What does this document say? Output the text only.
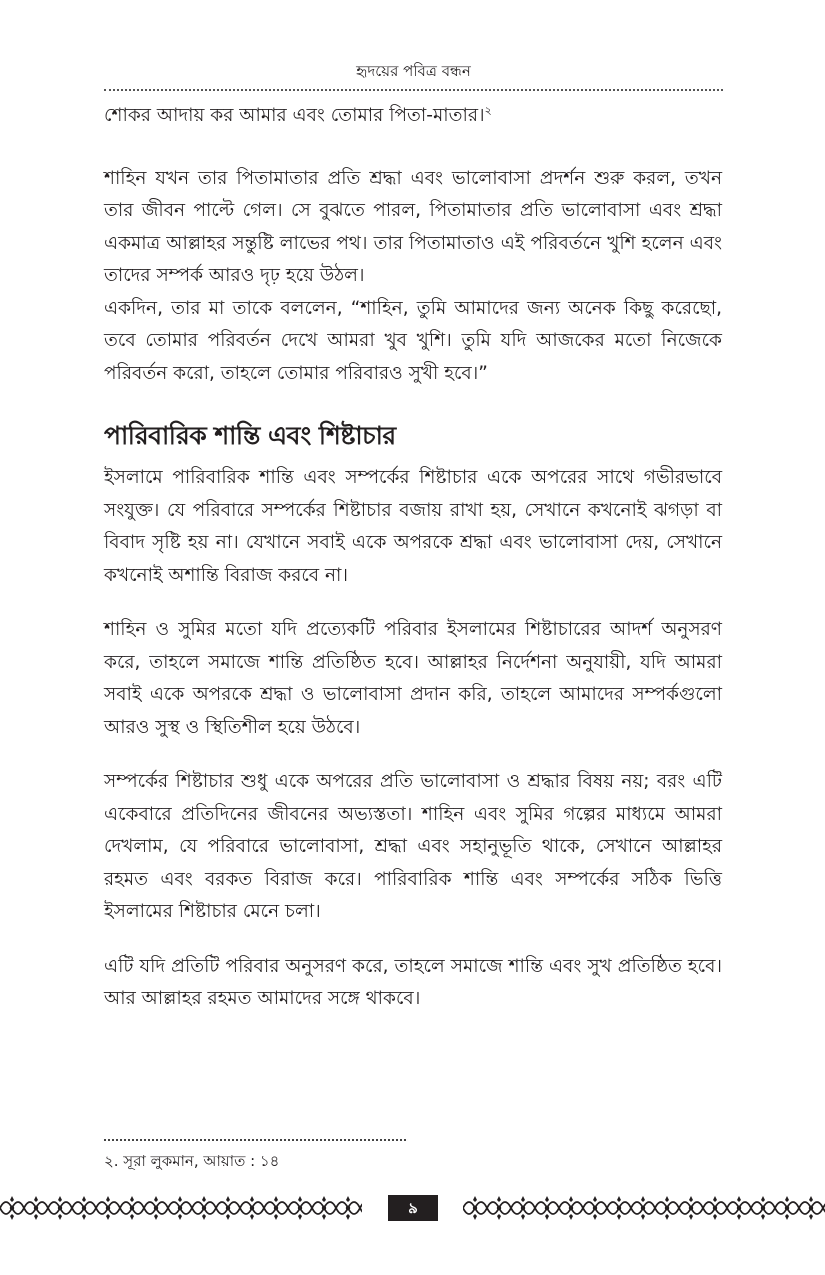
হৃদয়ের পবিত্র বন্ধন

শোকর আদায় কর আমার এবং তোমার পিতা-মাতার।$^২$

শাহিন যখন তার পিতামাতার প্রতি শ্রদ্ধা এবং ভালোবাসা প্রদর্শন শুরু করল, তখন তার জীবন পাল্টে গেল। সে বুঝতে পারল, পিতামাতার প্রতি ভালোবাসা এবং শ্রদ্ধা একমাত্র আল্লাহর সন্তুষ্টি লাভের পথ। তার পিতামাতাও এই পরিবর্তনে খুশি হলেন এবং তাদের সম্পর্ক আরও দৃঢ় হয়ে উঠল।

একদিন, তার মা তাকে বললেন, “শাহিন, তুমি আমাদের জন্য অনেক কিছু করেছো, তবে তোমার পরিবর্তন দেখে আমরা খুব খুশি। তুমি যদি আজকের মতো নিজেকে পরিবর্তন করো, তাহলে তোমার পরিবারও সুখী হবে।”

পারিবারিক শান্তি এবং শিষ্টাচার

ইসলামে পারিবারিক শান্তি এবং সম্পর্কের শিষ্টাচার একে অপরের সাথে গভীরভাবে সংযুক্ত। যে পরিবারে সম্পর্কের শিষ্টাচার বজায় রাখা হয়, সেখানে কখনোই ঝগড়া বা বিবাদ সৃষ্টি হয় না। যেখানে সবাই একে অপরকে শ্রদ্ধা এবং ভালোবাসা দেয়, সেখানে কখনোই অশান্তি বিরাজ করবে না।

শাহিন ও সুমির মতো যদি প্রত্যেকটি পরিবার ইসলামের শিষ্টাচারের আদর্শ অনুসরণ করে, তাহলে সমাজে শান্তি প্রতিষ্ঠিত হবে। আল্লাহর নির্দেশনা অনুযায়ী, যদি আমরা সবাই একে অপরকে শ্রদ্ধা ও ভালোবাসা প্রদান করি, তাহলে আমাদের সম্পর্কগুলো আরও সুস্থ ও স্থিতিশীল হয়ে উঠবে।

সম্পর্কের শিষ্টাচার শুধু একে অপরের প্রতি ভালোবাসা ও শ্রদ্ধার বিষয় নয়; বরং এটি একেবারে প্রতিদিনের জীবনের অভ্যস্ততা। শাহিন এবং সুমির গল্পের মাধ্যমে আমরা দেখলাম, যে পরিবারে ভালোবাসা, শ্রদ্ধা এবং সহানুভূতি থাকে, সেখানে আল্লাহর রহমত এবং বরকত বিরাজ করে। পারিবারিক শান্তি এবং সম্পর্কের সঠিক ভিত্তি ইসলামের শিষ্টাচার মেনে চলা।

এটি যদি প্রতিটি পরিবার অনুসরণ করে, তাহলে সমাজে শান্তি এবং সুখ প্রতিষ্ঠিত হবে। আর আল্লাহর রহমত আমাদের সঙ্গে থাকবে।

২. সূরা লুকমান, আয়াত : ১৪
৯
